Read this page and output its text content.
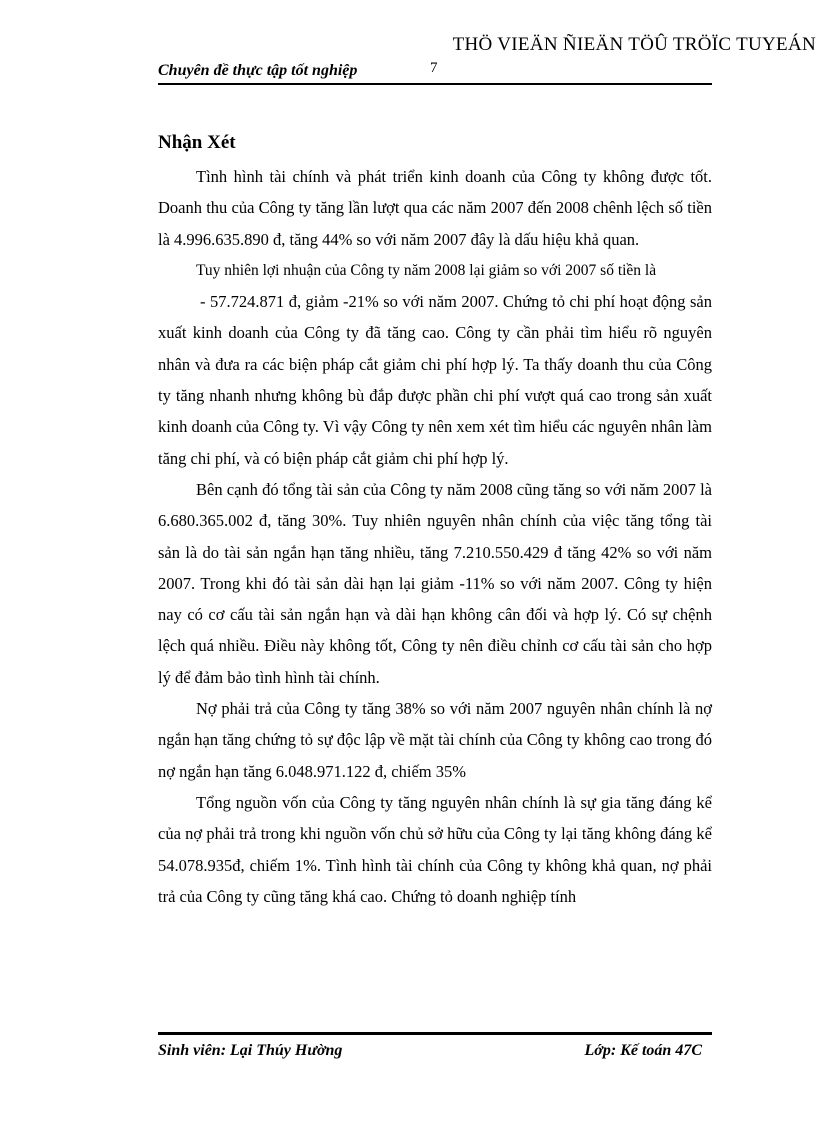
THÖ VIEÄN ÑIEÄN TÖÛ TRÖÏC TUYEÁN
Chuyên đề thực tập tốt nghiệp	7
Nhận Xét

Tình hình tài chính và phát triển kinh doanh của Công ty không được tốt. Doanh thu của Công ty tăng lần lượt qua các năm 2007 đến 2008 chênh lệch số tiền là 4.996.635.890 đ, tăng 44% so với năm 2007 đây là dấu hiệu khả quan.

Tuy nhiên lợi nhuận của Công ty năm 2008 lại giảm so với 2007 số tiền là

- 57.724.871 đ, giảm -21% so với năm 2007. Chứng tỏ chi phí hoạt động sản xuất kinh doanh của Công ty đã tăng cao. Công ty cần phải tìm hiểu rõ nguyên nhân và đưa ra các biện pháp cắt giảm chi phí hợp lý. Ta thấy doanh thu của Công ty tăng nhanh nhưng không bù đắp được phần chi phí vượt quá cao trong sản xuất kinh doanh của Công ty. Vì vậy Công ty nên xem xét tìm hiểu các nguyên nhân làm tăng chi phí, và có biện pháp cắt giảm chi phí hợp lý.

Bên cạnh đó tổng tài sản của Công ty năm 2008 cũng tăng so với năm 2007 là 6.680.365.002 đ, tăng 30%. Tuy nhiên nguyên nhân chính của việc tăng tổng tài sản là do tài sản ngắn hạn tăng nhiều, tăng 7.210.550.429 đ tăng 42% so với năm 2007. Trong khi đó tài sản dài hạn lại giảm -11% so với năm 2007. Công ty hiện nay có cơ cấu tài sản ngắn hạn và dài hạn không cân đối và hợp lý. Có sự chệnh lệch quá nhiều. Điều này không tốt, Công ty nên điều chỉnh cơ cấu tài sản cho hợp lý để đảm bảo tình hình tài chính.

Nợ phải trả của Công ty tăng 38% so với năm 2007 nguyên nhân chính là nợ ngắn hạn tăng chứng tỏ sự độc lập về mặt tài chính của Công ty không cao trong đó nợ ngắn hạn tăng 6.048.971.122 đ, chiếm 35%

Tổng nguồn vốn của Công ty tăng nguyên nhân chính là sự gia tăng đáng kể của nợ phải trả trong khi nguồn vốn chủ sở hữu của Công ty lại tăng không đáng kể 54.078.935đ, chiếm 1%. Tình hình tài chính của Công ty không khả quan, nợ phải trả của Công ty cũng tăng khá cao. Chứng tỏ doanh nghiệp tính

Sinh viên: Lại Thúy Hường	Lớp: Kế toán 47C
